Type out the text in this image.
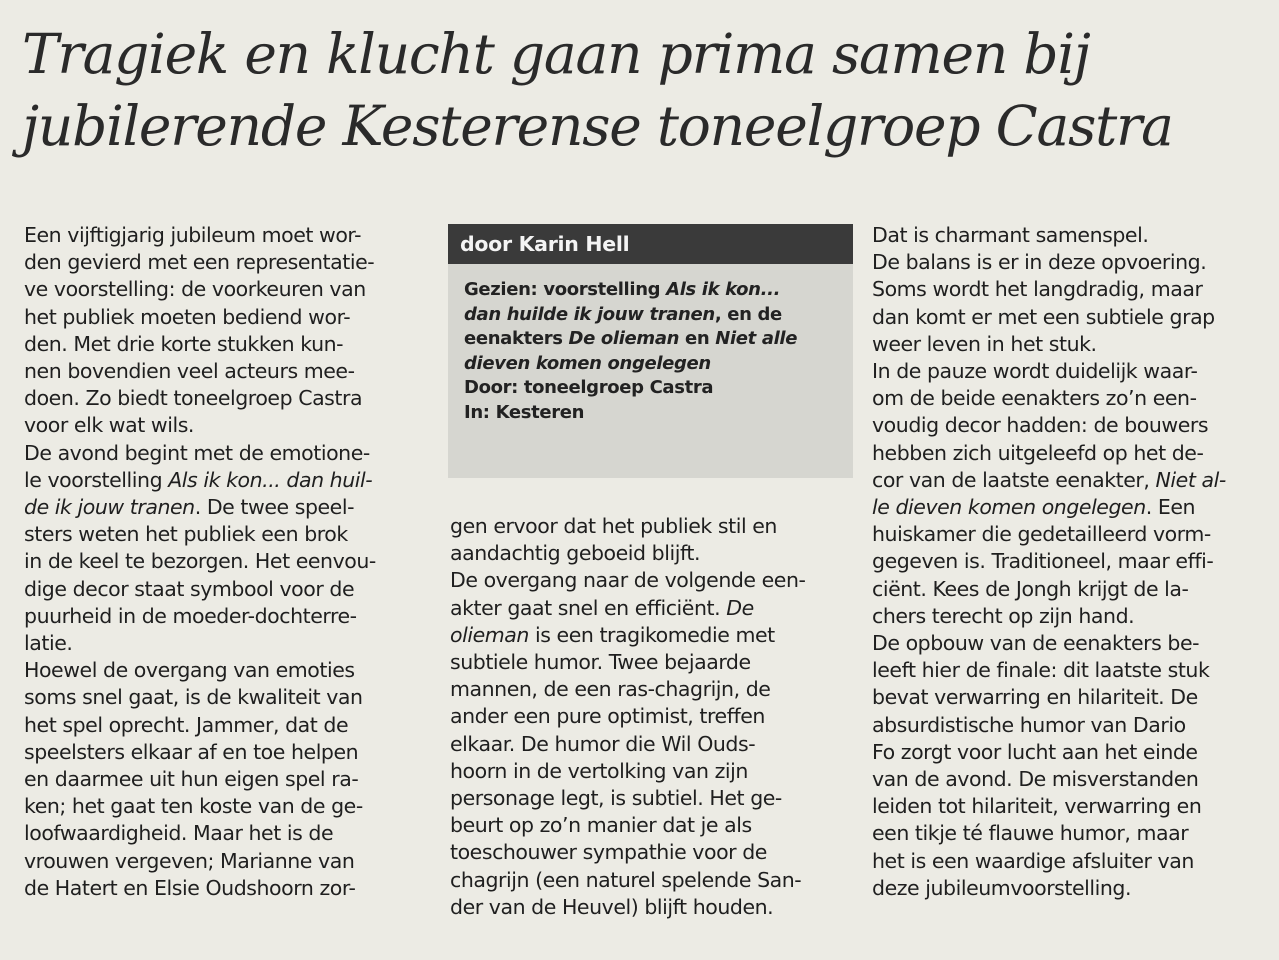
Tragiek en klucht gaan prima samen bij
jubilerende Kesterense toneelgroep Castra

Een vijftigjarig jubileum moet wor-

den gevierd met een representatie-

ve voorstelling: de voorkeuren van

het publiek moeten bediend wor-

den. Met drie korte stukken kun-

nen bovendien veel acteurs mee-

doen. Zo biedt toneelgroep Castra

voor elk wat wils.

De avond begint met de emotione-

le voorstelling Als ik kon... dan huil-

de ik jouw tranen. De twee speel-

sters weten het publiek een brok

in de keel te bezorgen. Het eenvou-

dige decor staat symbool voor de

puurheid in de moeder-dochterre-

latie.

Hoewel de overgang van emoties

soms snel gaat, is de kwaliteit van

het spel oprecht. Jammer, dat de

speelsters elkaar af en toe helpen

en daarmee uit hun eigen spel ra-

ken; het gaat ten koste van de ge-

loofwaardigheid. Maar het is de

vrouwen vergeven; Marianne van

de Hatert en Elsie Oudshoorn zor-

door Karin Hell

Gezien: voorstelling Als ik kon...

dan huilde ik jouw tranen, en de

eenakters De olieman en Niet alle

dieven komen ongelegen

Door: toneelgroep Castra

In: Kesteren

gen ervoor dat het publiek stil en

aandachtig geboeid blijft.

De overgang naar de volgende een-

akter gaat snel en efficiënt. De

olieman is een tragikomedie met

subtiele humor. Twee bejaarde

mannen, de een ras-chagrijn, de

ander een pure optimist, treffen

elkaar. De humor die Wil Ouds-

hoorn in de vertolking van zijn

personage legt, is subtiel. Het ge-

beurt op zo’n manier dat je als

toeschouwer sympathie voor de

chagrijn (een naturel spelende San-

der van de Heuvel) blijft houden.

Dat is charmant samenspel.

De balans is er in deze opvoering.

Soms wordt het langdradig, maar

dan komt er met een subtiele grap

weer leven in het stuk.

In de pauze wordt duidelijk waar-

om de beide eenakters zo’n een-

voudig decor hadden: de bouwers

hebben zich uitgeleefd op het de-

cor van de laatste eenakter, Niet al-

le dieven komen ongelegen. Een

huiskamer die gedetailleerd vorm-

gegeven is. Traditioneel, maar effi-

ciënt. Kees de Jongh krijgt de la-

chers terecht op zijn hand.

De opbouw van de eenakters be-

leeft hier de finale: dit laatste stuk

bevat verwarring en hilariteit. De

absurdistische humor van Dario

Fo zorgt voor lucht aan het einde

van de avond. De misverstanden

leiden tot hilariteit, verwarring en

een tikje té flauwe humor, maar

het is een waardige afsluiter van

deze jubileumvoorstelling.
